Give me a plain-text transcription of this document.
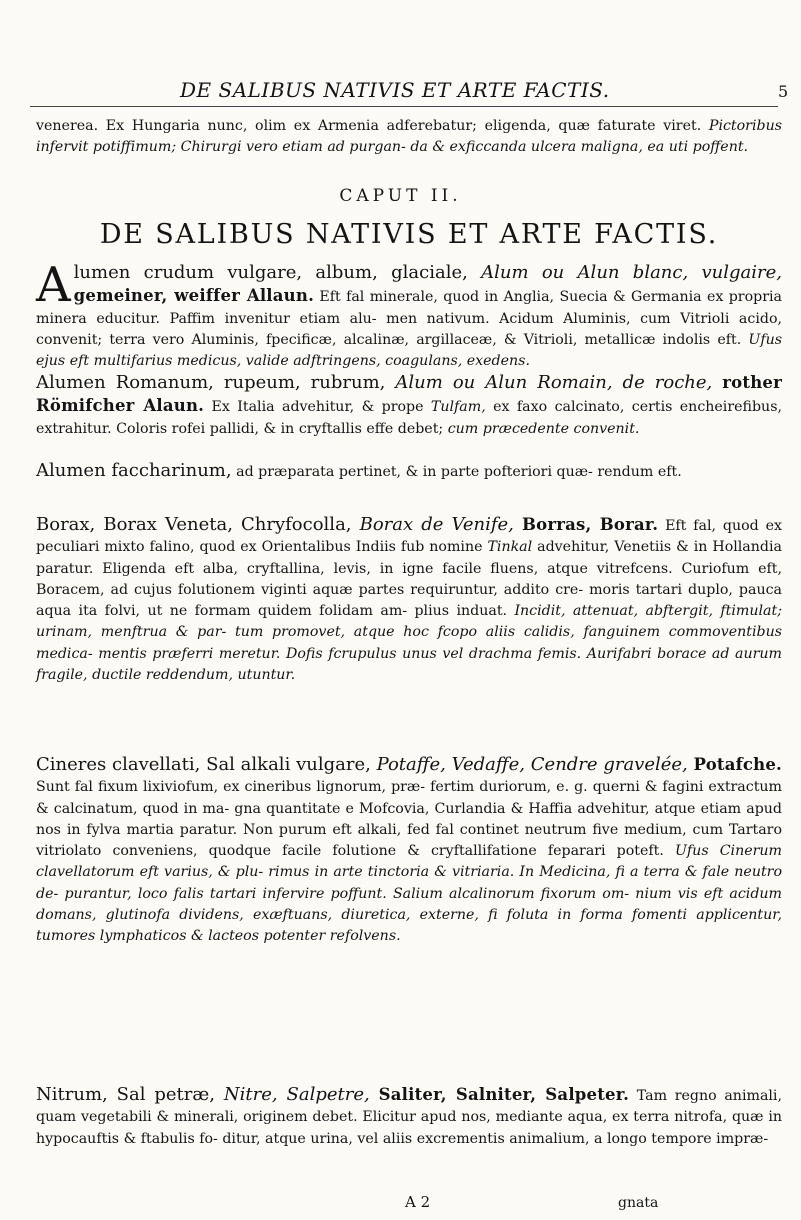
DE SALIBUS NATIVIS ET ARTE FACTIS.	5

venerea. Ex Hungaria nunc, olim ex Armenia adferebatur; eligenda, quæ faturate viret. Pictoribus infervit potiffimum; Chirurgi vero etiam ad purgan- da & exficcanda ulcera maligna, ea uti poffent.

CAPUT II.
DE SALIBUS NATIVIS ET ARTE FACTIS.

Alumen crudum vulgare, album, glaciale, Alum ou Alun blanc, vulgaire, gemeiner, weiffer Allaun. Eft fal minerale, quod in Anglia, Suecia & Germania ex propria minera educitur. Paffim invenitur etiam alu- men nativum. Acidum Aluminis, cum Vitrioli acido, convenit; terra vero Aluminis, fpecificæ, alcalinæ, argillaceæ, & Vitrioli, metallicæ indolis eft. Ufus ejus eft multifarius medicus, valide adftringens, coagulans, exedens.

Alumen Romanum, rupeum, rubrum, Alum ou Alun Romain, de roche, rother Römifcher Alaun. Ex Italia advehitur, & prope Tulfam, ex faxo calcinato, certis encheirefibus, extrahitur. Coloris rofei pallidi, & in cryftallis effe debet; cum præcedente convenit.

Alumen faccharinum, ad præparata pertinet, & in parte pofteriori quæ- rendum eft.

Borax, Borax Veneta, Chryfocolla, Borax de Venife, Borras, Borar. Eft fal, quod ex peculiari mixto falino, quod ex Orientalibus Indiis fub nomine Tinkal advehitur, Venetiis & in Hollandia paratur. Eligenda eft alba, cryftallina, levis, in igne facile fluens, atque vitrefcens. Curiofum eft, Boracem, ad cujus folutionem viginti aquæ partes requiruntur, addito cre- moris tartari duplo, pauca aqua ita folvi, ut ne formam quidem folidam am- plius induat. Incidit, attenuat, abftergit, ftimulat; urinam, menftrua & par- tum promovet, atque hoc fcopo aliis calidis, fanguinem commoventibus medica- mentis præferri meretur. Dofis fcrupulus unus vel drachma femis. Aurifabri borace ad aurum fragile, ductile reddendum, utuntur.

Cineres clavellati, Sal alkali vulgare, Potaffe, Vedaffe, Cendre gravelée, Potafche. Sunt fal fixum lixiviofum, ex cineribus lignorum, præ- fertim duriorum, e. g. querni & fagini extractum & calcinatum, quod in ma- gna quantitate e Mofcovia, Curlandia & Haffia advehitur, atque etiam apud nos in fylva martia paratur. Non purum eft alkali, fed fal continet neutrum five medium, cum Tartaro vitriolato conveniens, quodque facile folutione & cryftallifatione feparari poteft. Ufus Cinerum clavellatorum eft varius, & plu- rimus in arte tinctoria & vitriaria. In Medicina, fi a terra & fale neutro de- purantur, loco falis tartari infervire poffunt. Salium alcalinorum fixorum om- nium vis eft acidum domans, glutinofa dividens, exæftuans, diuretica, externe, fi foluta in forma fomenti applicentur, tumores lymphaticos & lacteos potenter refolvens.

Nitrum, Sal petræ, Nitre, Salpetre, Saliter, Salniter, Salpeter. Tam regno animali, quam vegetabili & minerali, originem debet. Elicitur apud nos, mediante aqua, ex terra nitrofa, quæ in hypocauftis & ftabulis fo- ditur, atque urina, vel aliis excrementis animalium, a longo tempore impræ-

A 2	gnata
